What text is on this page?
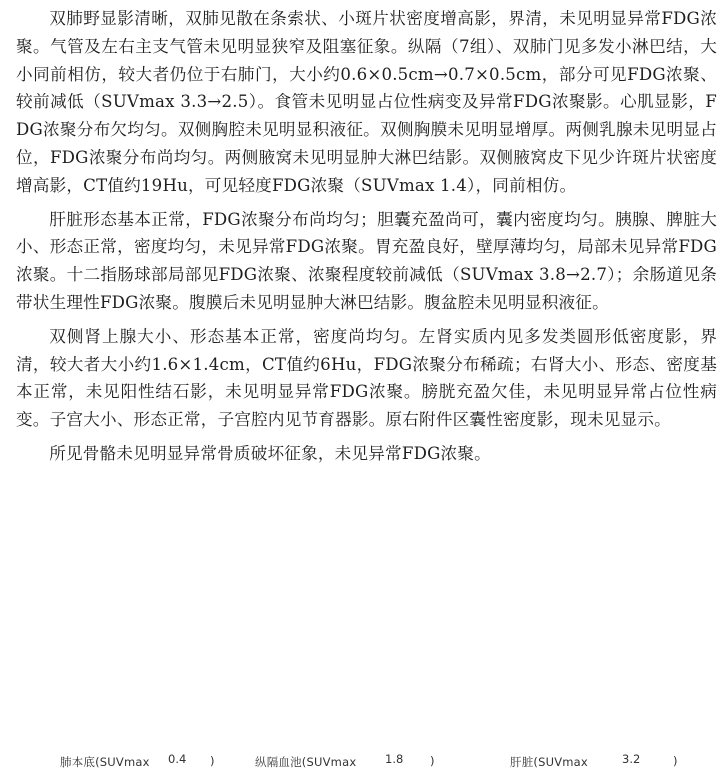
双肺野显影清晰，双肺见散在条索状、小斑片状密度增高影，界清，未见明显异常FDG浓聚。气管及左右主支气管未见明显狭窄及阻塞征象。纵隔（7组）、双肺门见多发小淋巴结，大小同前相仿，较大者仍位于右肺门，大小约0.6×0.5cm→0.7×0.5cm，部分可见FDG浓聚、较前减低（SUVmax 3.3→2.5）。食管未见明显占位性病变及异常FDG浓聚影。心肌显影，FDG浓聚分布欠均匀。双侧胸腔未见明显积液征。双侧胸膜未见明显增厚。两侧乳腺未见明显占位，FDG浓聚分布尚均匀。两侧腋窝未见明显肿大淋巴结影。双侧腋窝皮下见少许斑片状密度增高影，CT值约19Hu，可见轻度FDG浓聚（SUVmax 1.4），同前相仿。

肝脏形态基本正常，FDG浓聚分布尚均匀；胆囊充盈尚可，囊内密度均匀。胰腺、脾脏大小、形态正常，密度均匀，未见异常FDG浓聚。胃充盈良好，壁厚薄均匀，局部未见异常FDG浓聚。十二指肠球部局部见FDG浓聚、浓聚程度较前减低（SUVmax 3.8→2.7）；余肠道见条带状生理性FDG浓聚。腹膜后未见明显肿大淋巴结影。腹盆腔未见明显积液征。

双侧肾上腺大小、形态基本正常，密度尚均匀。左肾实质内见多发类圆形低密度影，界清，较大者大小约1.6×1.4cm，CT值约6Hu，FDG浓聚分布稀疏；右肾大小、形态、密度基本正常，未见阳性结石影，未见明显异常FDG浓聚。膀胱充盈欠佳，未见明显异常占位性病变。子宫大小、形态正常，子宫腔内见节育器影。原右附件区囊性密度影，现未见显示。

所见骨骼未见明显异常骨质破坏征象，未见异常FDG浓聚。

肺本底(SUVmax 0.4 )	纵隔血池(SUVmax 1.8 )	肝脏(SUVmax	3.2	)
